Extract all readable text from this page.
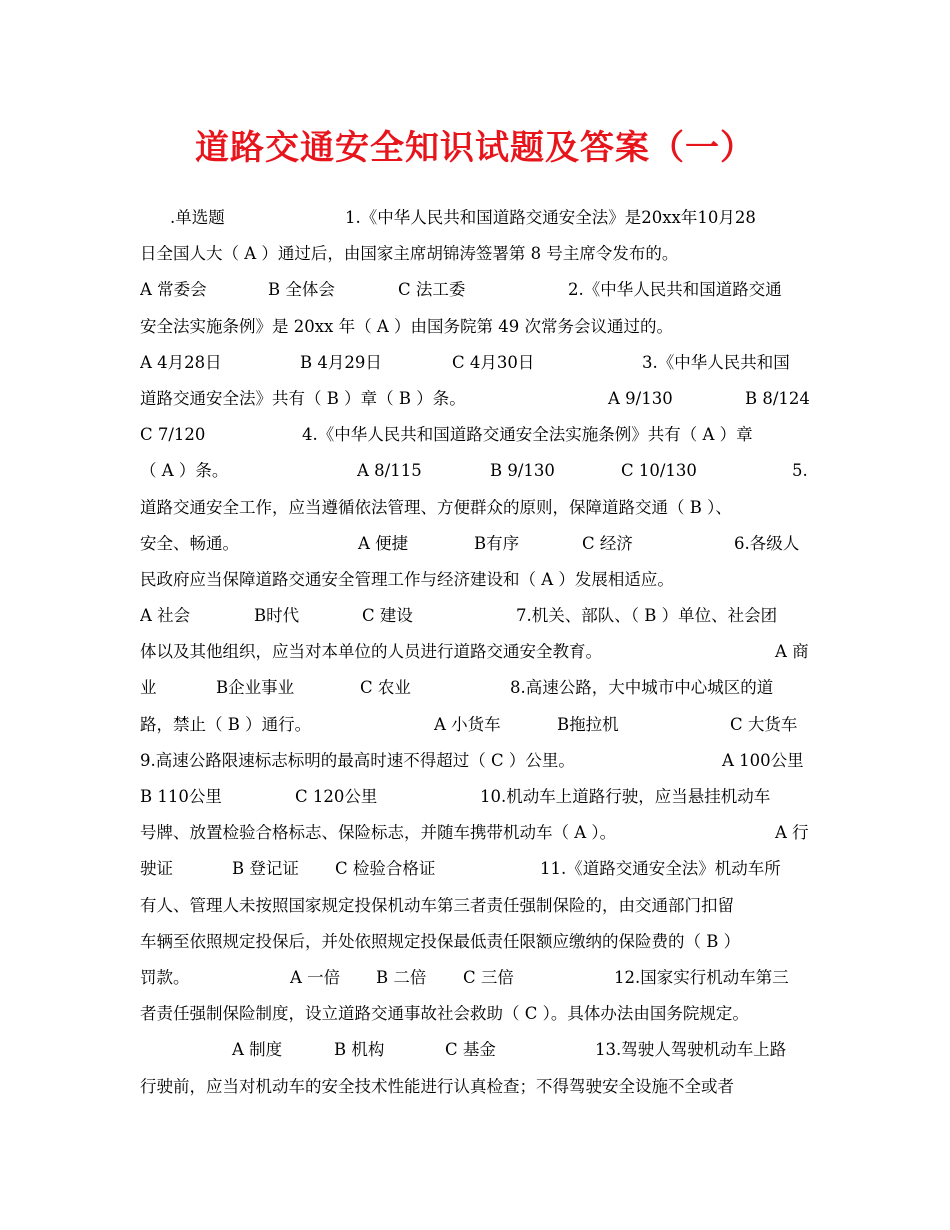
道路交通安全知识试题及答案（一）
.单选题	1.《中华人民共和国道路交通安全法》是20xx年10月28
日全国人大（ A ）通过后，由国家主席胡锦涛签署第 8 号主席令发布的。
A 常委会	B 全体会	C 法工委	2.《中华人民共和国道路交通
安全法实施条例》是 20xx 年（ A ）由国务院第 49 次常务会议通过的。
A 4月28日	B 4月29日	C 4月30日	3.《中华人民共和国
道路交通安全法》共有（ B ）章（ B ）条。	A 9/130	B 8/124
C 7/120	4.《中华人民共和国道路交通安全法实施条例》共有（ A ）章
（ A ）条。	A 8/115	B 9/130	C 10/130	5.
道路交通安全工作，应当遵循依法管理、方便群众的原则，保障道路交通（ B ）、
安全、畅通。	A 便捷	B有序	C 经济	6.各级人
民政府应当保障道路交通安全管理工作与经济建设和（ A ）发展相适应。
A 社会	B时代	C 建设	7.机关、部队、（ B ）单位、社会团
体以及其他组织，应当对本单位的人员进行道路交通安全教育。	A 商
业	B企业事业	C 农业	8.高速公路，大中城市中心城区的道
路，禁止（ B ）通行。	A 小货车	B拖拉机	C 大货车
9.高速公路限速标志标明的最高时速不得超过（ C ）公里。	A 100公里
B 110公里	C 120公里	10.机动车上道路行驶，应当悬挂机动车
号牌、放置检验合格标志、保险标志，并随车携带机动车（ A ）。	A 行
驶证	B 登记证 C 检验合格证	11.《道路交通安全法》机动车所
有人、管理人未按照国家规定投保机动车第三者责任强制保险的，由交通部门扣留
车辆至依照规定投保后，并处依照规定投保最低责任限额应缴纳的保险费的（ B ）
罚款。	A 一倍 B 二倍 C 三倍	12.国家实行机动车第三
者责任强制保险制度，设立道路交通事故社会救助（ C ）。具体办法由国务院规定。
A 制度	B 机构	C 基金	13.驾驶人驾驶机动车上路
行驶前，应当对机动车的安全技术性能进行认真检查；不得驾驶安全设施不全或者
